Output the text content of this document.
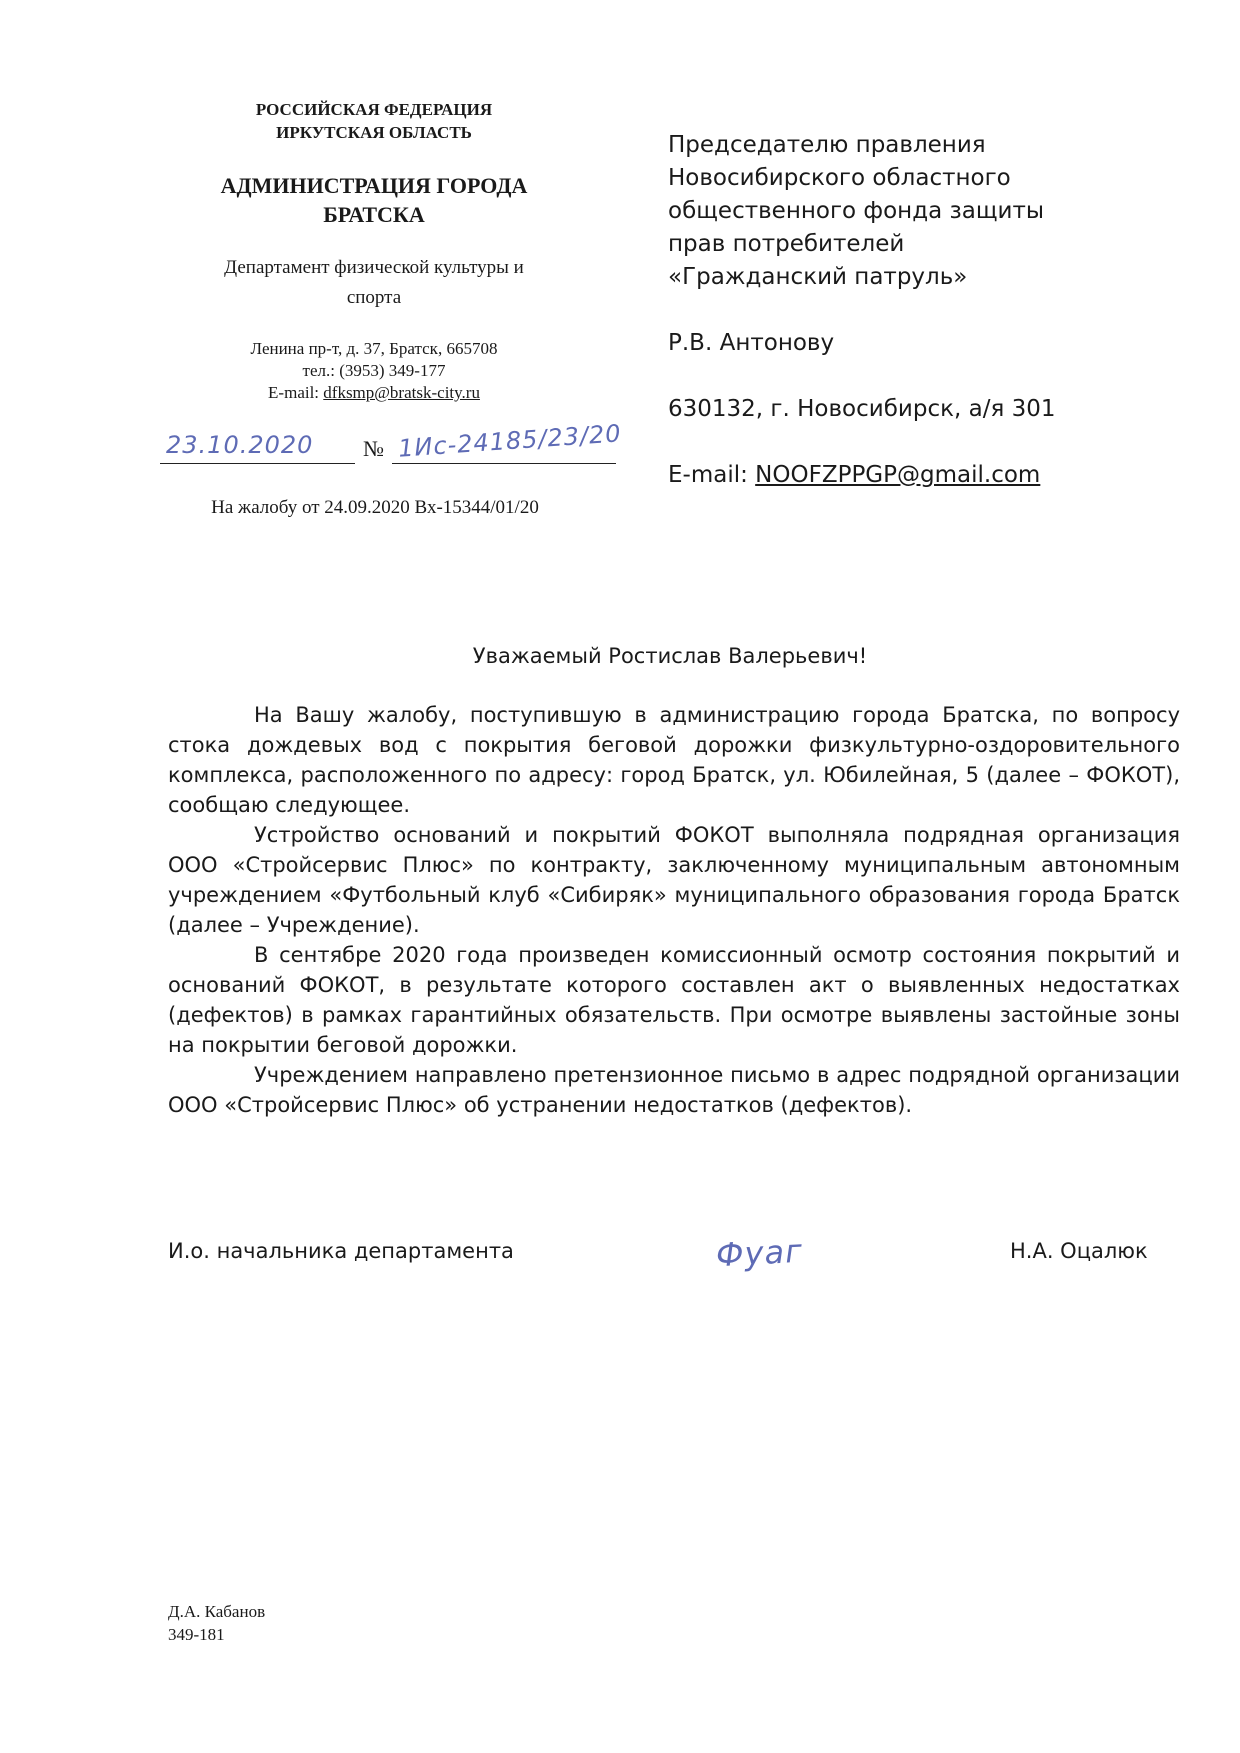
РОССИЙСКАЯ ФЕДЕРАЦИЯ
ИРКУТСКАЯ ОБЛАСТЬ
АДМИНИСТРАЦИЯ ГОРОДА
БРАТСКА
Департамент физической культуры и
спорта
Ленина пр-т, д. 37, Братск, 665708
тел.: (3953) 349-177
E-mail: dfksmp@bratsk-city.ru
23.10.2020 № 1Ис-24185/23/20
На жалобу от 24.09.2020 Вх-15344/01/20
Председателю правления
Новосибирского областного
общественного фонда защиты
прав потребителей
«Гражданский патруль»
Р.В. Антонову
630132, г. Новосибирск, а/я 301
E-mail: NOOFZPPGP@gmail.com
Уважаемый Ростислав Валерьевич!

На Вашу жалобу, поступившую в администрацию города Братска, по вопросу стока дождевых вод с покрытия беговой дорожки физкультурно-оздоровительного комплекса, расположенного по адресу: город Братск, ул. Юбилейная, 5 (далее – ФОКОТ), сообщаю следующее.

Устройство оснований и покрытий ФОКОТ выполняла подрядная организация ООО «Стройсервис Плюс» по контракту, заключенному муниципальным автономным учреждением «Футбольный клуб «Сибиряк» муниципального образования города Братск (далее – Учреждение).

В сентябре 2020 года произведен комиссионный осмотр состояния покрытий и оснований ФОКОТ, в результате которого составлен акт о выявленных недостатках (дефектов) в рамках гарантийных обязательств. При осмотре выявлены застойные зоны на покрытии беговой дорожки.

Учреждением направлено претензионное письмо в адрес подрядной организации ООО «Стройсервис Плюс» об устранении недостатков (дефектов).

И.о. начальника департамента	Фуаг	Н.А. Оцалюк
Д.А. Кабанов
349-181
